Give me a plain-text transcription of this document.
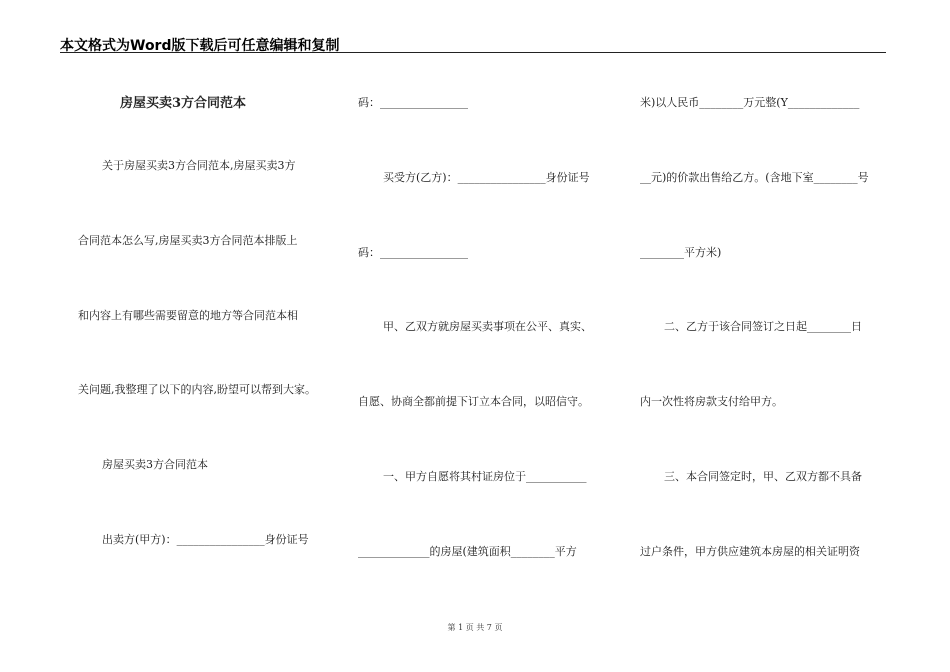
本文格式为Word版下载后可任意编辑和复制
房屋买卖3方合同范本
关于房屋买卖3方合同范本,房屋买卖3方
合同范本怎么写,房屋买卖3方合同范本排版上
和内容上有哪些需要留意的地方等合同范本相
关问题,我整理了以下的内容,盼望可以帮到大家。
房屋买卖3方合同范本
出卖方(甲方)：________________身份证号
码：________________
买受方(乙方)：________________身份证号
码：________________
甲、乙双方就房屋买卖事项在公平、真实、
自愿、协商全都前提下订立本合同，以昭信守。
一、甲方自愿将其村证房位于___________
_____________的房屋(建筑面积________平方
米)以人民币________万元整(Y_____________
__元)的价款出售给乙方。(含地下室________号
________平方米)
二、乙方于该合同签订之日起________日
内一次性将房款支付给甲方。
三、本合同签定时，甲、乙双方都不具备
过户条件，甲方供应建筑本房屋的相关证明资
第 1 页 共 7 页
